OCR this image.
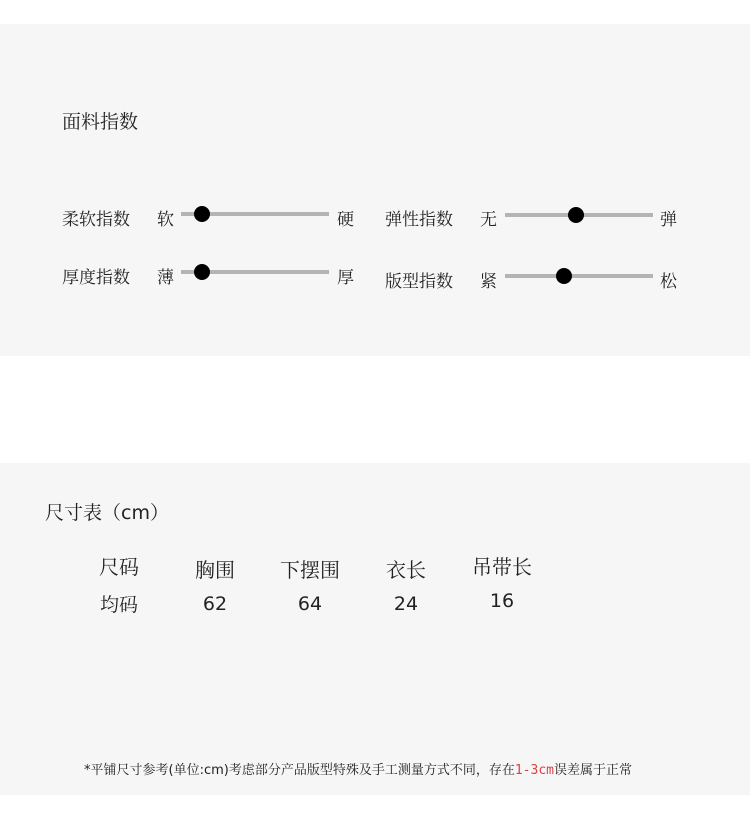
面料指数
柔软指数 软	硬 弹性指数 无	弹
厚度指数 薄	厚 版型指数 紧	松
尺寸表（cm）
尺码	胸围 下摆围 衣长 吊带长
均码	62	64	24	16
*平铺尺寸参考(单位:cm)考虑部分产品版型特殊及手工测量方式不同，存在1-3cm误差属于正常
